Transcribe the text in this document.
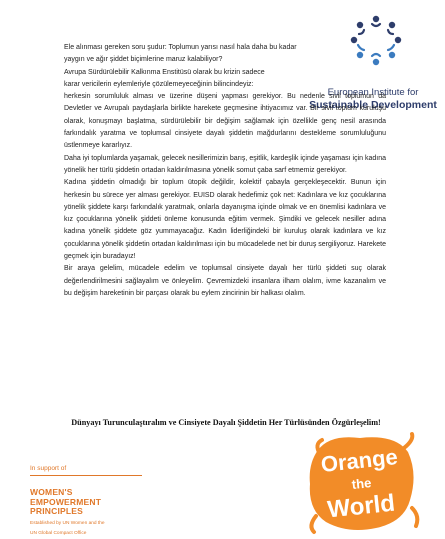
European Institute for
Sustainable Development

Ele alınması gereken soru şudur: Toplumun yarısı nasıl hala daha bu kadar

yaygın ve ağır şiddet biçimlerine maruz kalabiliyor?

Avrupa Sürdürülebilir Kalkınma Enstitüsü olarak bu krizin sadece

karar vericilerin eylemleriyle çözülemeyeceğinin bilincindeyiz:

herkesin sorumluluk alması ve üzerine düşeni yapması gerekiyor. Bu nedenle sivil toplumun da Devletler ve Avrupalı paydaşlarla birlikte harekete geçmesine ihtiyacımız var. Bir sivil toplum kuruluşu olarak, konuşmayı başlatma, sürdürülebilir bir değişim sağlamak için özellikle genç nesil arasında farkındalık yaratma ve toplumsal cinsiyete dayalı şiddetin mağdurlarını destekleme sorumluluğunu üstlenmeye kararlıyız.

Daha iyi toplumlarda yaşamak, gelecek nesillerimizin barış, eşitlik, kardeşlik içinde yaşaması için kadına yönelik her türlü şiddetin ortadan kaldırılmasına yönelik somut çaba sarf etmemiz gerekiyor.

Kadına şiddetin olmadığı bir toplum ütopik değildir, kolektif çabayla gerçekleşecektir. Bunun için herkesin bu sürece yer alması gerekiyor. EUISD olarak hedefimiz çok net: Kadınlara ve kız çocuklarına yönelik şiddete karşı farkındalık yaratmak, onlarla dayanışma içinde olmak ve en önemlisi kadınlara ve kız çocuklarına yönelik şiddeti önleme konusunda eğitim vermek. Şimdiki ve gelecek nesiller adına kadına yönelik şiddete göz yummayacağız. Kadın liderliğindeki bir kuruluş olarak kadınlara ve kız çocuklarına yönelik şiddetin ortadan kaldırılması için bu mücadelede net bir duruş sergiliyoruz. Harekete geçmek için buradayız!

Bir araya gelelim, mücadele edelim ve toplumsal cinsiyete dayalı her türlü şiddeti suç olarak değerlendirilmesini sağlayalım ve önleyelim. Çevremizdeki insanlara ilham olalım, ivme kazanalım ve bu değişim hareketinin bir parçası olarak bu eylem zincirinin bir halkası olalım.

Dünyayı Turunculaştıralım ve Cinsiyete Dayalı Şiddetin Her Türlüsünden Özgürleşelim!
In support of
WOMEN'S
EMPOWERMENT
PRINCIPLES
Established by UN Women and the
UN Global Compact Office
Orange
the
World
